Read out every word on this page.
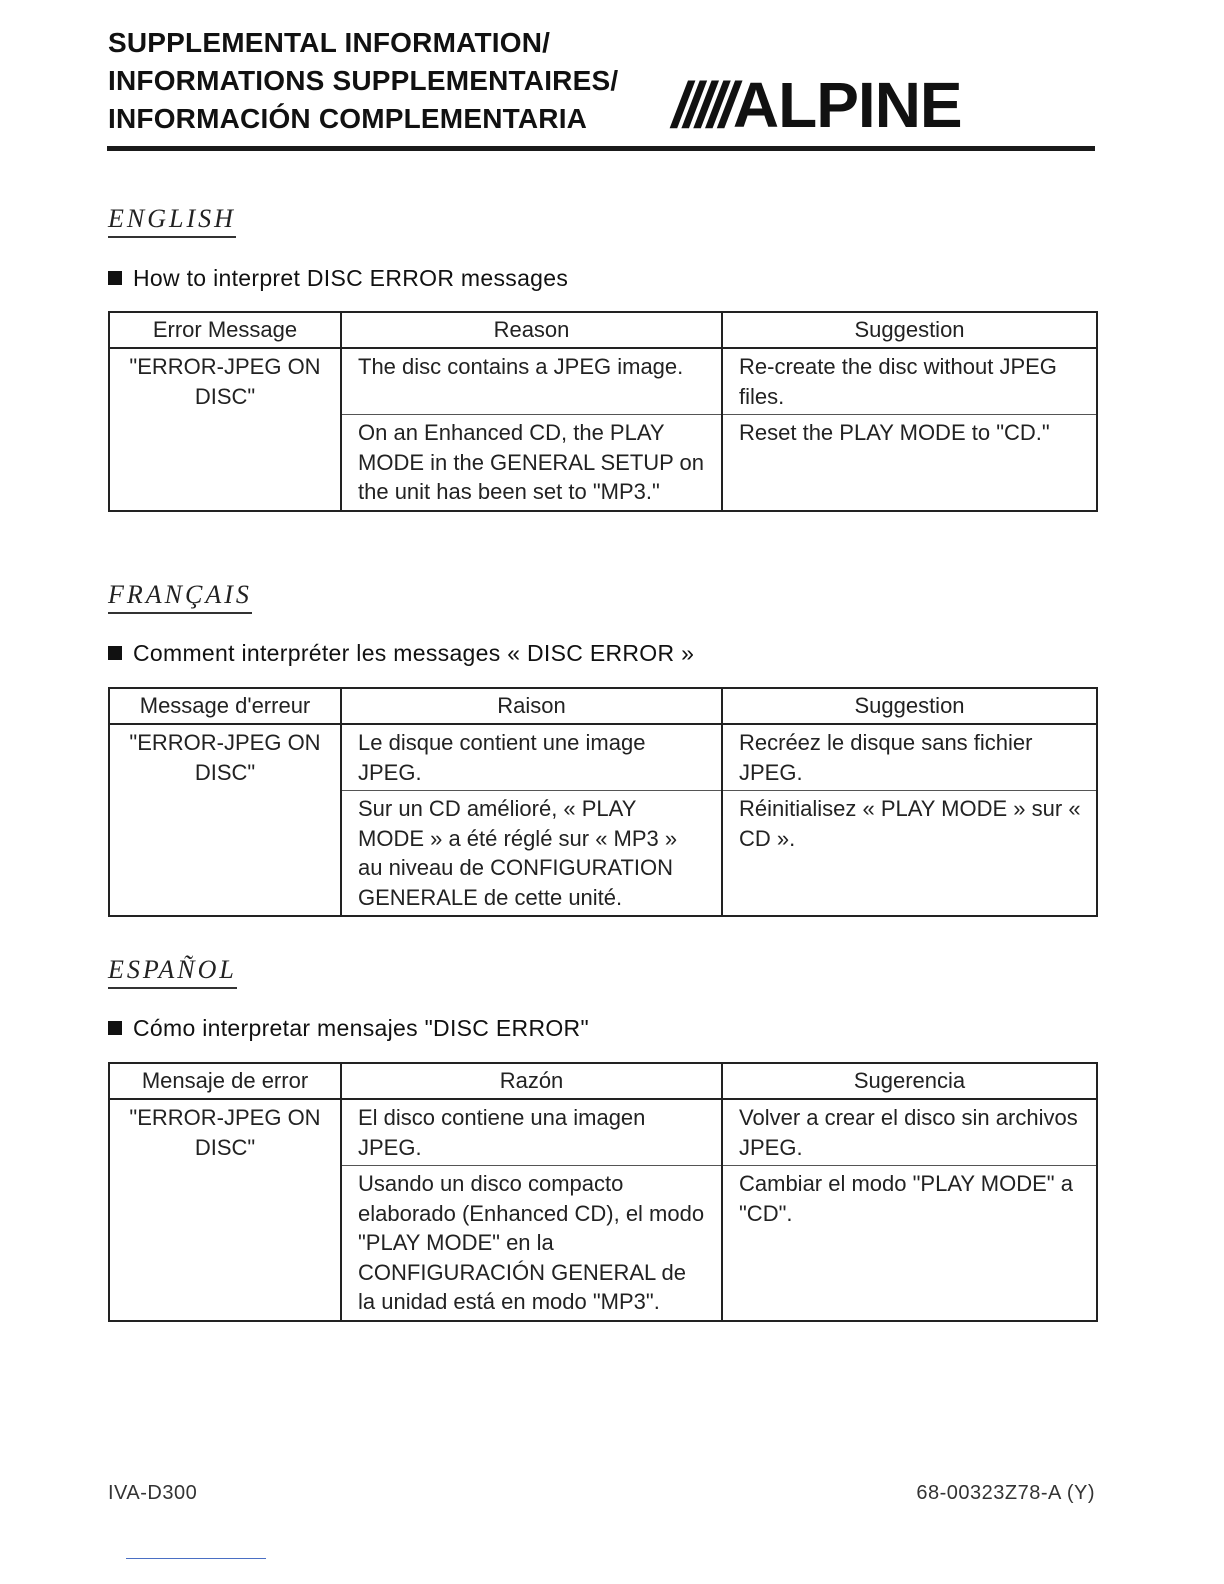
SUPPLEMENTAL INFORMATION/
INFORMATIONS SUPPLEMENTAIRES/
INFORMACIÓN COMPLEMENTARIA	/////ALPINE
ENGLISH
How to interpret DISC ERROR messages
Error Message	Reason	Suggestion
"ERROR-JPEG ON DISC"	The disc contains a JPEG image.	Re-create the disc without JPEG files.
	On an Enhanced CD, the PLAY MODE in the GENERAL SETUP on the unit has been set to "MP3."	Reset the PLAY MODE to "CD."
FRANÇAIS
Comment interpréter les messages « DISC ERROR »
Message d'erreur	Raison	Suggestion
"ERROR-JPEG ON DISC"	Le disque contient une image JPEG.	Recréez le disque sans fichier JPEG.
	Sur un CD amélioré, « PLAY MODE » a été réglé sur « MP3 » au niveau de CONFIGURATION GENERALE de cette unité.	Réinitialisez « PLAY MODE » sur « CD ».
ESPAÑOL
Cómo interpretar mensajes "DISC ERROR"
Mensaje de error	Razón	Sugerencia
"ERROR-JPEG ON DISC"	El disco contiene una imagen JPEG.	Volver a crear el disco sin archivos JPEG.
	Usando un disco compacto elaborado (Enhanced CD), el modo "PLAY MODE" en la CONFIGURACIÓN GENERAL de la unidad está en modo "MP3".	Cambiar el modo "PLAY MODE" a "CD".
IVA-D300	68-00323Z78-A (Y)
